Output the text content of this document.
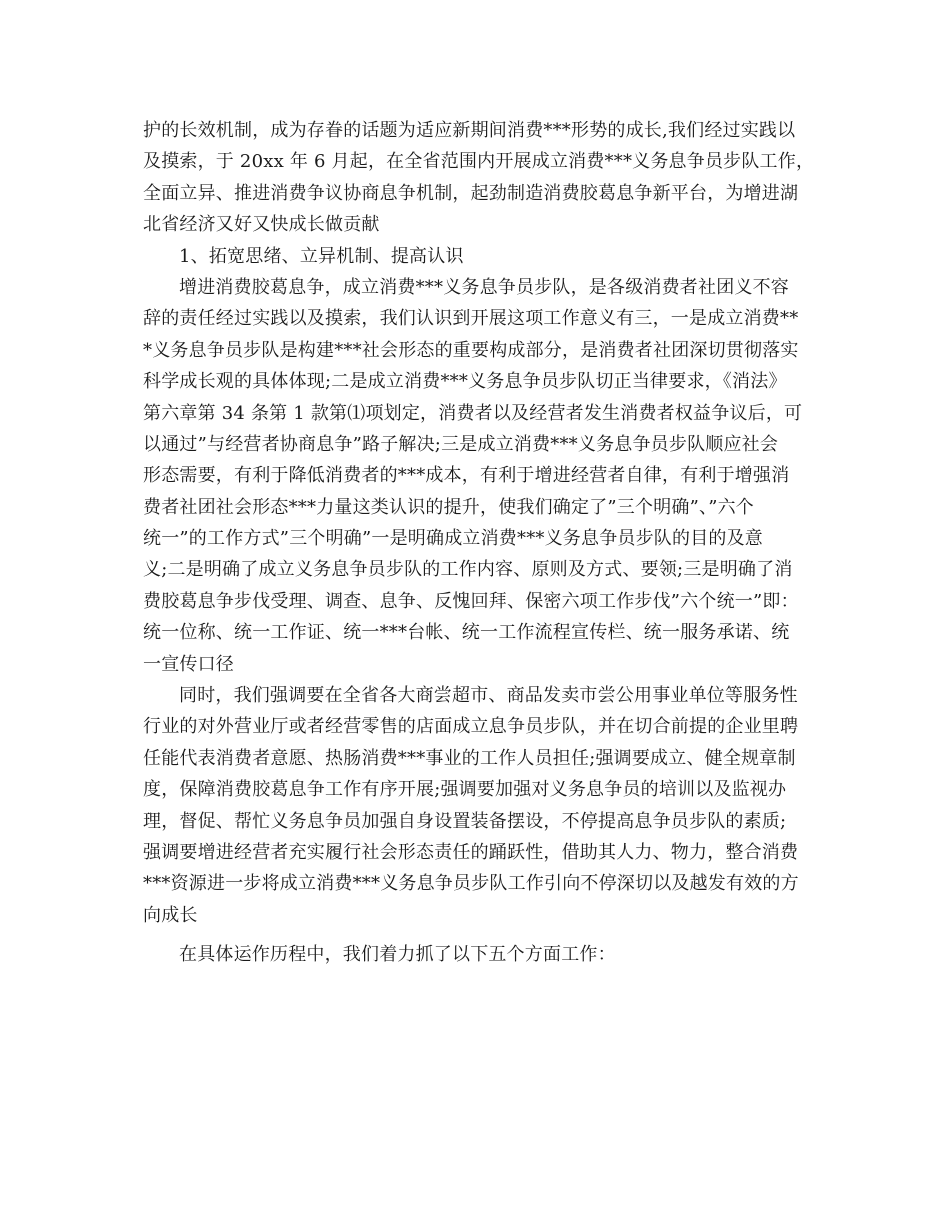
护的长效机制，成为存眷的话题为适应新期间消费***形势的成长,我们经过实践以
及摸索，于 20xx 年 6 月起，在全省范围内开展成立消费***义务息争员步队工作，
全面立异、推进消费争议协商息争机制，起劲制造消费胶葛息争新平台，为增进湖
北省经济又好又快成长做贡献
1、拓宽思绪、立异机制、提高认识
增进消费胶葛息争，成立消费***义务息争员步队，是各级消费者社团义不容
辞的责任经过实践以及摸索，我们认识到开展这项工作意义有三，一是成立消费**
*义务息争员步队是构建***社会形态的重要构成部分，是消费者社团深切贯彻落实
科学成长观的具体体现;二是成立消费***义务息争员步队切正当律要求，《消法》
第六章第 34 条第 1 款第⑴项划定，消费者以及经营者发生消费者权益争议后，可
以通过”与经营者协商息争”路子解决;三是成立消费***义务息争员步队顺应社会
形态需要，有利于降低消费者的***成本，有利于增进经营者自律，有利于增强消
费者社团社会形态***力量这类认识的提升，使我们确定了”三个明确”、”六个
统一”的工作方式”三个明确”一是明确成立消费***义务息争员步队的目的及意
义;二是明确了成立义务息争员步队的工作内容、原则及方式、要领;三是明确了消
费胶葛息争步伐受理、调查、息争、反愧回拜、保密六项工作步伐”六个统一”即：
统一位称、统一工作证、统一***台帐、统一工作流程宣传栏、统一服务承诺、统
一宣传口径
同时，我们强调要在全省各大商尝超市、商品发卖市尝公用事业单位等服务性
行业的对外营业厅或者经营零售的店面成立息争员步队，并在切合前提的企业里聘
任能代表消费者意愿、热肠消费***事业的工作人员担任;强调要成立、健全规章制
度，保障消费胶葛息争工作有序开展;强调要加强对义务息争员的培训以及监视办
理，督促、帮忙义务息争员加强自身设置装备摆设，不停提高息争员步队的素质;
强调要增进经营者充实履行社会形态责任的踊跃性，借助其人力、物力，整合消费
***资源进一步将成立消费***义务息争员步队工作引向不停深切以及越发有效的方
向成长
在具体运作历程中，我们着力抓了以下五个方面工作：
